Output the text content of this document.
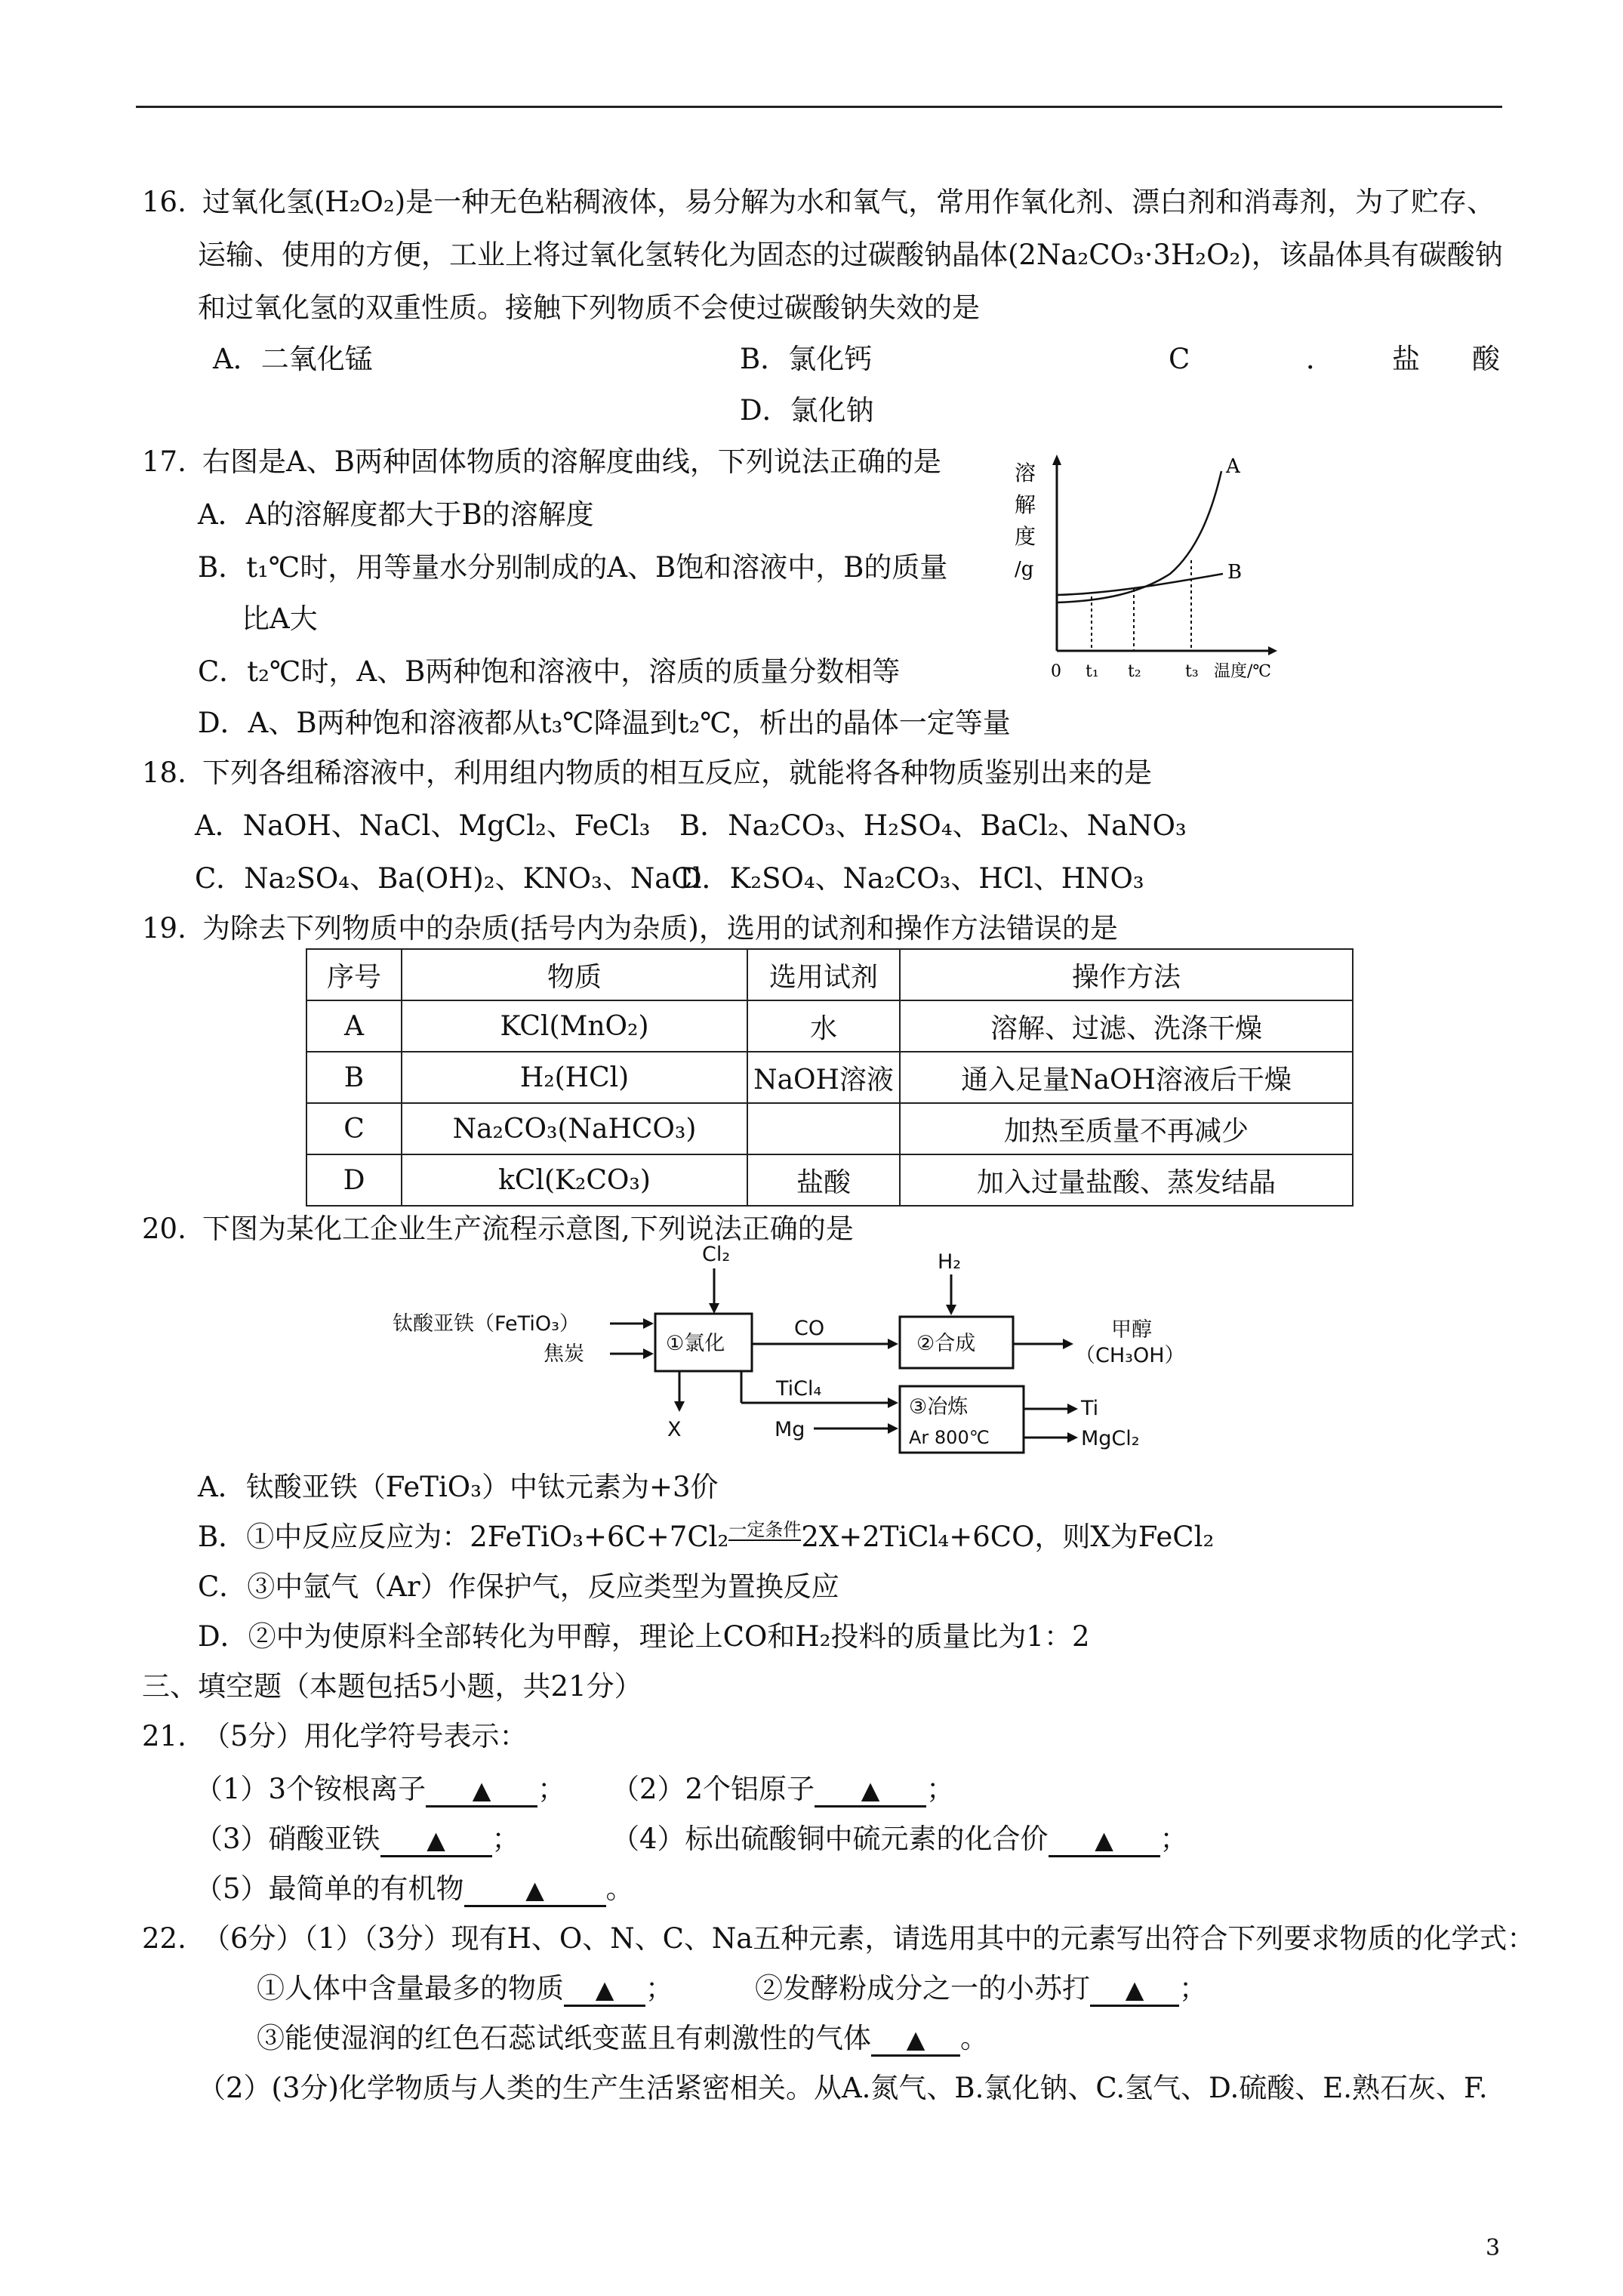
16. 过氧化氢(H₂O₂)是一种无色粘稠液体，易分解为水和氧气，常用作氧化剂、漂白剂和消毒剂，为了贮存、
运输、使用的方便，工业上将过氧化氢转化为固态的过碳酸钠晶体(2Na₂CO₃·3H₂O₂)，该晶体具有碳酸钠
和过氧化氢的双重性质。接触下列物质不会使过碳酸钠失效的是
A．二氧化锰	B．氯化钙	C	． 盐 酸
D．氯化钠
17. 右图是A、B两种固体物质的溶解度曲线，下列说法正确的是
A．A的溶解度都大于B的溶解度
B．t₁℃时，用等量水分别制成的A、B饱和溶液中，B的质量
比A大
C．t₂℃时，A、B两种饱和溶液中，溶质的质量分数相等
D．A、B两种饱和溶液都从t₃℃降温到t₂℃，析出的晶体一定等量
溶
解
度
/g
A
B
0 t₁ t₂	t₃ 温度/℃
18. 下列各组稀溶液中，利用组内物质的相互反应，就能将各种物质鉴别出来的是
A．NaOH、NaCl、MgCl₂、FeCl₃ B．Na₂CO₃、H₂SO₄、BaCl₂、NaNO₃
C．Na₂SO₄、Ba(OH)₂、KNO₃、NaCl
D．K₂SO₄、Na₂CO₃、HCl、HNO₃
19. 为除去下列物质中的杂质(括号内为杂质)，选用的试剂和操作方法错误的是
序号	物质	选用试剂	操作方法
A	KCl(MnO₂)	水	溶解、过滤、洗涤干燥
B	H₂(HCl)	NaOH溶液	通入足量NaOH溶液后干燥
C	Na₂CO₃(NaHCO₃)		加热至质量不再减少
D	kCl(K₂CO₃)	盐酸	加入过量盐酸、蒸发结晶
20. 下图为某化工企业生产流程示意图,下列说法正确的是
Cl₂	H₂
钛酸亚铁（FeTiO₃）
焦炭	①氯化
CO
②合成
甲醇
（CH₃OH）
X
TiCl₄
Mg
③冶炼
Ar 800℃
Ti
MgCl₂
A．钛酸亚铁（FeTiO₃）中钛元素为+3价
B．①中反应反应为：2FeTiO₃+6C+7Cl₂一定条件2X+2TiCl₄+6CO，则X为FeCl₂
C．③中氩气（Ar）作保护气，反应类型为置换反应
D．②中为使原料全部转化为甲醇，理论上CO和H₂投料的质量比为1：2
三、填空题（本题包括5小题，共21分）
21. （5分）用化学符号表示：
（1）3个铵根离子 ▲ ； （2）2个铝原子 ▲ ；
（3）硝酸亚铁 ▲ ；	（4）标出硫酸铜中硫元素的化合价 ▲ ；
（5）最简单的有机物	▲ 。
22. （6分）（1）（3分）现有H、O、N、C、Na五种元素，请选用其中的元素写出符合下列要求物质的化学式：
①人体中含量最多的物质 ▲ ；	②发酵粉成分之一的小苏打 ▲ ；
③能使湿润的红色石蕊试纸变蓝且有刺激性的气体 ▲ 。
（2）(3分)化学物质与人类的生产生活紧密相关。从A.氮气、B.氯化钠、C.氢气、D.硫酸、E.熟石灰、F.
3
